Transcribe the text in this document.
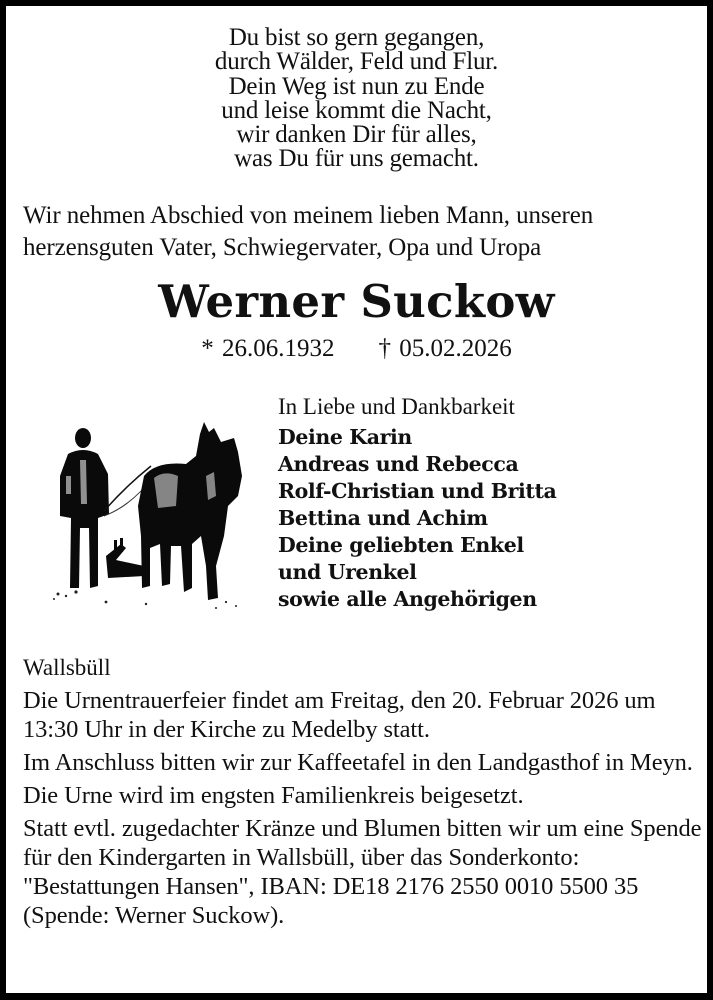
Du bist so gern gegangen,
durch Wälder, Feld und Flur.
Dein Weg ist nun zu Ende
und leise kommt die Nacht,
wir danken Dir für alles,
was Du für uns gemacht.
Wir nehmen Abschied von meinem lieben Mann, unseren
herzensguten Vater, Schwiegervater, Opa und Uropa
Werner Suckow
* 26.06.1932 † 05.02.2026
In Liebe und Dankbarkeit
Deine Karin
Andreas und Rebecca
Rolf-Christian und Britta
Bettina und Achim
Deine geliebten Enkel
und Urenkel
sowie alle Angehörigen
Wallsbüll

Die Urnentrauerfeier findet am Freitag, den 20. Februar 2026 um 13:30 Uhr in der Kirche zu Medelby statt.

Im Anschluss bitten wir zur Kaffeetafel in den Landgasthof in Meyn.

Die Urne wird im engsten Familienkreis beigesetzt.

Statt evtl. zugedachter Kränze und Blumen bitten wir um eine Spende für den Kindergarten in Wallsbüll, über das Sonderkonto: "Bestattungen Hansen", IBAN: DE18 2176 2550 0010 5500 35 (Spende: Werner Suckow).
